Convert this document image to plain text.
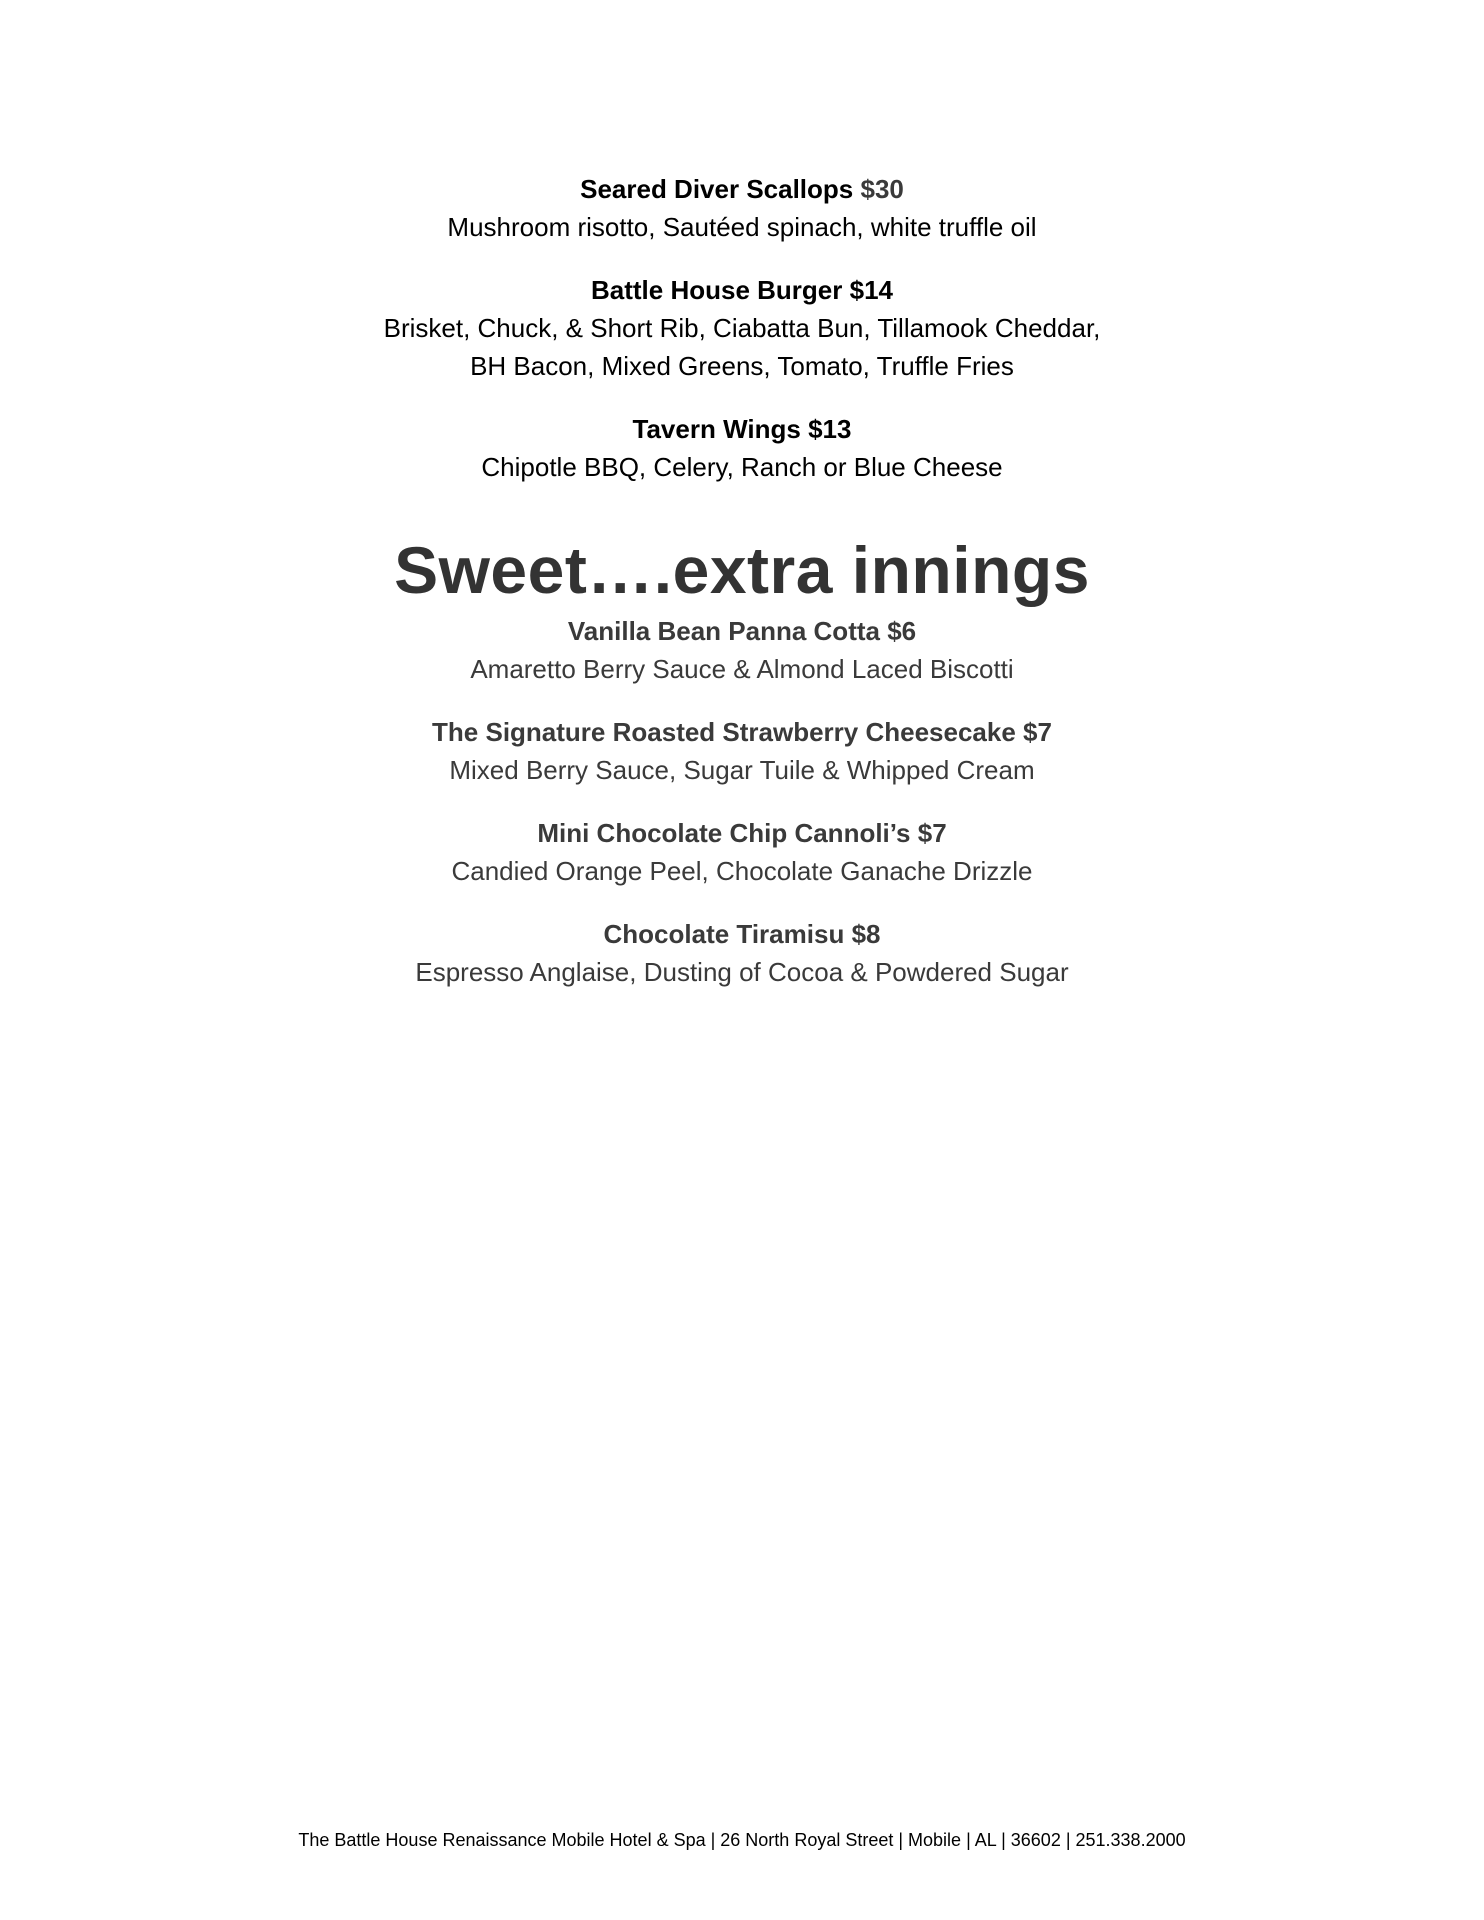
Seared Diver Scallops $30
Mushroom risotto, Sautéed spinach, white truffle oil
Battle House Burger $14
Brisket, Chuck, & Short Rib, Ciabatta Bun, Tillamook Cheddar,
BH Bacon, Mixed Greens, Tomato, Truffle Fries
Tavern Wings $13
Chipotle BBQ, Celery, Ranch or Blue Cheese
Sweet….extra innings
Vanilla Bean Panna Cotta $6
Amaretto Berry Sauce & Almond Laced Biscotti
The Signature Roasted Strawberry Cheesecake $7
Mixed Berry Sauce, Sugar Tuile & Whipped Cream
Mini Chocolate Chip Cannoli’s $7
Candied Orange Peel, Chocolate Ganache Drizzle
Chocolate Tiramisu $8
Espresso Anglaise, Dusting of Cocoa & Powdered Sugar
The Battle House Renaissance Mobile Hotel & Spa | 26 North Royal Street | Mobile | AL | 36602 | 251.338.2000
